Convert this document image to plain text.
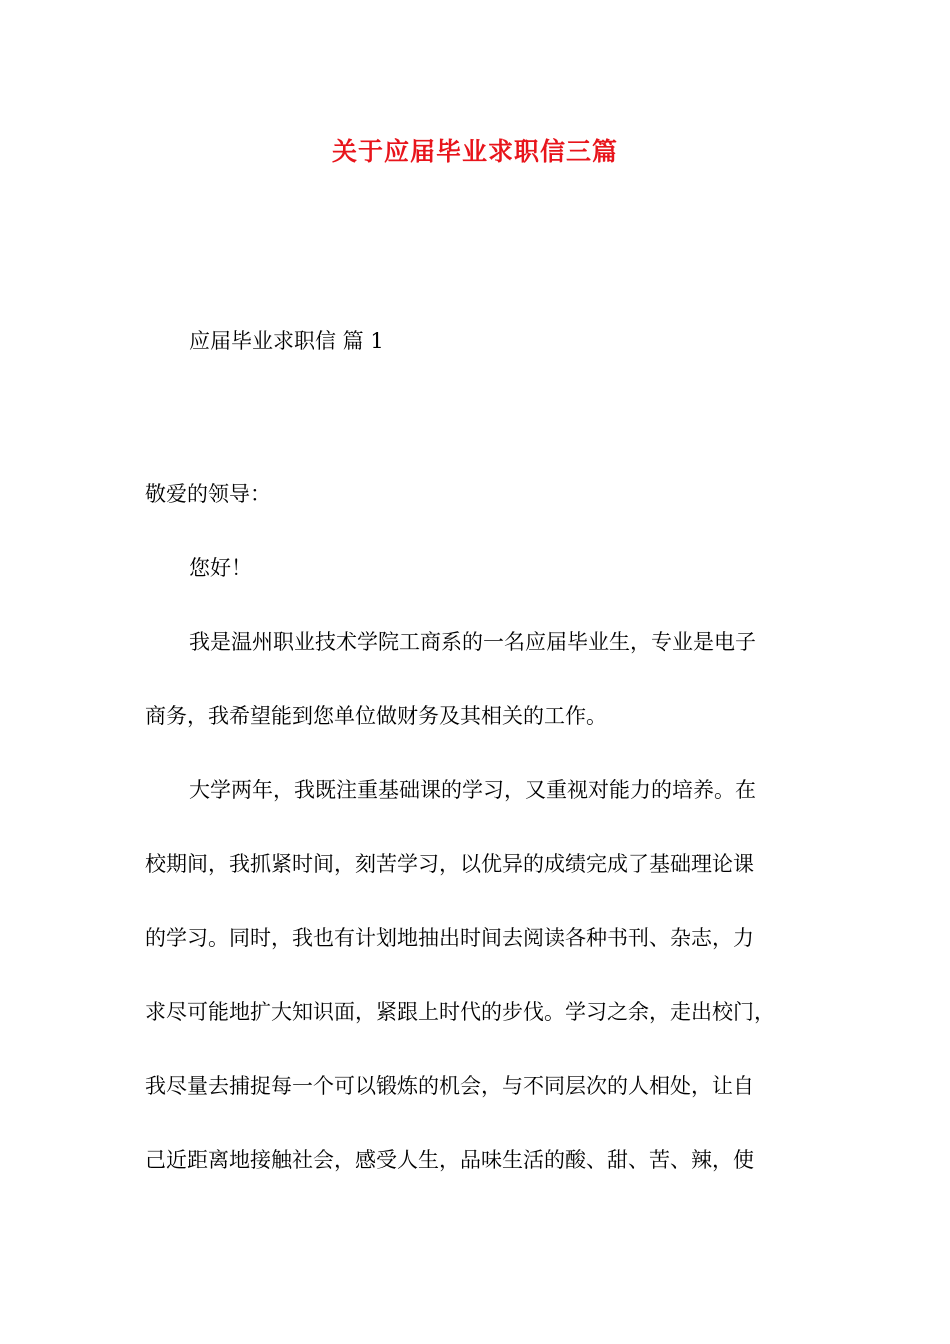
关于应届毕业求职信三篇
应届毕业求职信 篇 1
敬爱的领导：
您好！
我是温州职业技术学院工商系的一名应届毕业生，专业是电子
商务，我希望能到您单位做财务及其相关的工作。
大学两年，我既注重基础课的学习，又重视对能力的培养。在
校期间，我抓紧时间，刻苦学习，以优异的成绩完成了基础理论课
的学习。同时，我也有计划地抽出时间去阅读各种书刊、杂志，力
求尽可能地扩大知识面，紧跟上时代的步伐。学习之余，走出校门，
我尽量去捕捉每一个可以锻炼的机会，与不同层次的人相处，让自
己近距离地接触社会，感受人生，品味生活的酸、甜、苦、辣，使
